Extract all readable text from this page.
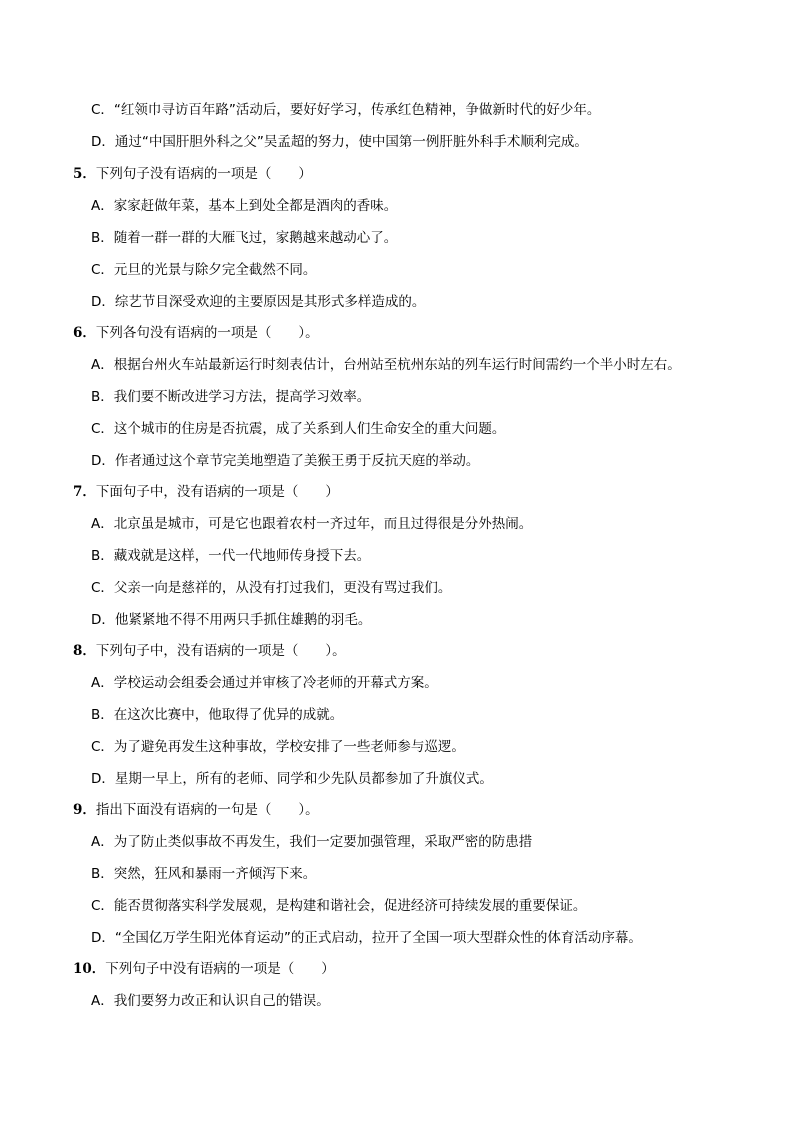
C．“红领巾寻访百年路”活动后，要好好学习，传承红色精神，争做新时代的好少年。
D．通过“中国肝胆外科之父”吴孟超的努力，使中国第一例肝脏外科手术顺利完成。
5．下列句子没有语病的一项是（　　）
A．家家赶做年菜，基本上到处全都是酒肉的香味。
B．随着一群一群的大雁飞过，家鹅越来越动心了。
C．元旦的光景与除夕完全截然不同。
D．综艺节目深受欢迎的主要原因是其形式多样造成的。
6．下列各句没有语病的一项是（　　）。
A．根据台州火车站最新运行时刻表估计，台州站至杭州东站的列车运行时间需约一个半小时左右。
B．我们要不断改进学习方法，提高学习效率。
C．这个城市的住房是否抗震，成了关系到人们生命安全的重大问题。
D．作者通过这个章节完美地塑造了美猴王勇于反抗天庭的举动。
7．下面句子中，没有语病的一项是（　　）
A．北京虽是城市，可是它也跟着农村一齐过年，而且过得很是分外热闹。
B．藏戏就是这样，一代一代地师传身授下去。
C．父亲一向是慈祥的，从没有打过我们，更没有骂过我们。
D．他紧紧地不得不用两只手抓住雄鹅的羽毛。
8．下列句子中，没有语病的一项是（　　）。
A．学校运动会组委会通过并审核了冷老师的开幕式方案。
B．在这次比赛中，他取得了优异的成就。
C．为了避免再发生这种事故，学校安排了一些老师参与巡逻。
D．星期一早上，所有的老师、同学和少先队员都参加了升旗仪式。
9．指出下面没有语病的一句是（　　）。
A．为了防止类似事故不再发生，我们一定要加强管理，采取严密的防患措
B．突然，狂风和暴雨一齐倾泻下来。
C．能否贯彻落实科学发展观，是构建和谐社会，促进经济可持续发展的重要保证。
D．“全国亿万学生阳光体育运动”的正式启动，拉开了全国一项大型群众性的体育活动序幕。
10．下列句子中没有语病的一项是（　　）
A．我们要努力改正和认识自己的错误。
